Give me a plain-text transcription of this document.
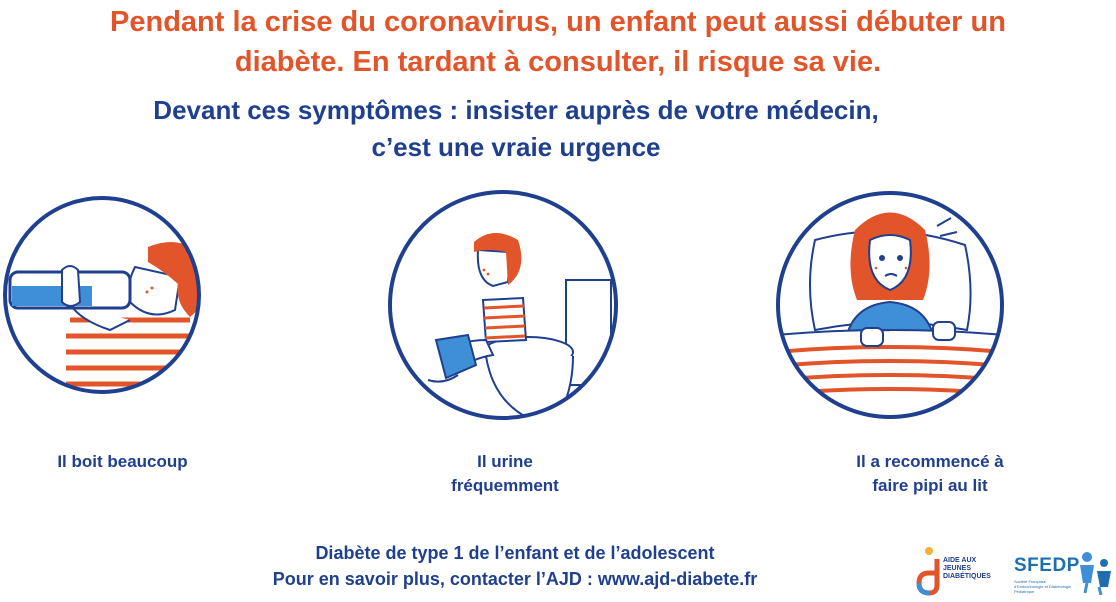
Pendant la crise du coronavirus, un enfant peut aussi débuter un
diabète. En tardant à consulter, il risque sa vie.
Devant ces symptômes : insister auprès de votre médecin,
c’est une vraie urgence
Il boit beaucoup	Il urine
fréquemment
Il a recommencé à
faire pipi au lit
Diabète de type 1 de l’enfant et de l’adolescent
Pour en savoir plus, contacter l’AJD : www.ajd-diabete.fr
AIDE AUX
JEUNES
DIABÉTIQUES
SFEDP
Société Française d'Endocrinologie et Diabétologie Pédiatrique
